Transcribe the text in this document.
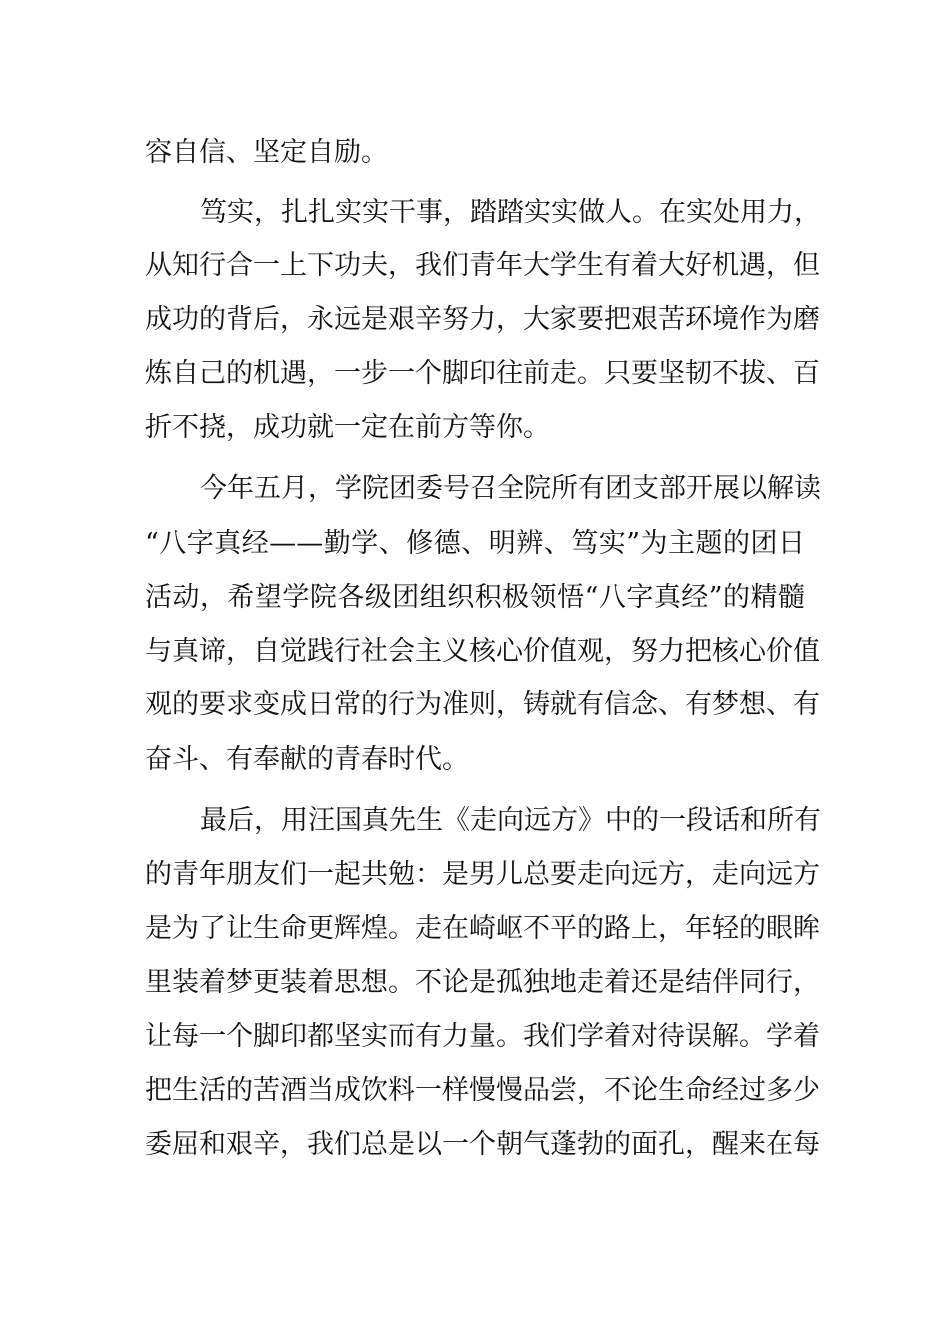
容自信、坚定自励。
笃实，扎扎实实干事，踏踏实实做人。在实处用力，
从知行合一上下功夫，我们青年大学生有着大好机遇，但
成功的背后，永远是艰辛努力，大家要把艰苦环境作为磨
炼自己的机遇，一步一个脚印往前走。只要坚韧不拔、百
折不挠，成功就一定在前方等你。
今年五月，学院团委号召全院所有团支部开展以解读
“八字真经——勤学、修德、明辨、笃实”为主题的团日
活动，希望学院各级团组织积极领悟“八字真经”的精髓
与真谛，自觉践行社会主义核心价值观，努力把核心价值
观的要求变成日常的行为准则，铸就有信念、有梦想、有
奋斗、有奉献的青春时代。
最后，用汪国真先生《走向远方》中的一段话和所有
的青年朋友们一起共勉：是男儿总要走向远方，走向远方
是为了让生命更辉煌。走在崎岖不平的路上，年轻的眼眸
里装着梦更装着思想。不论是孤独地走着还是结伴同行，
让每一个脚印都坚实而有力量。我们学着对待误解。学着
把生活的苦酒当成饮料一样慢慢品尝，不论生命经过多少
委屈和艰辛，我们总是以一个朝气蓬勃的面孔，醒来在每
